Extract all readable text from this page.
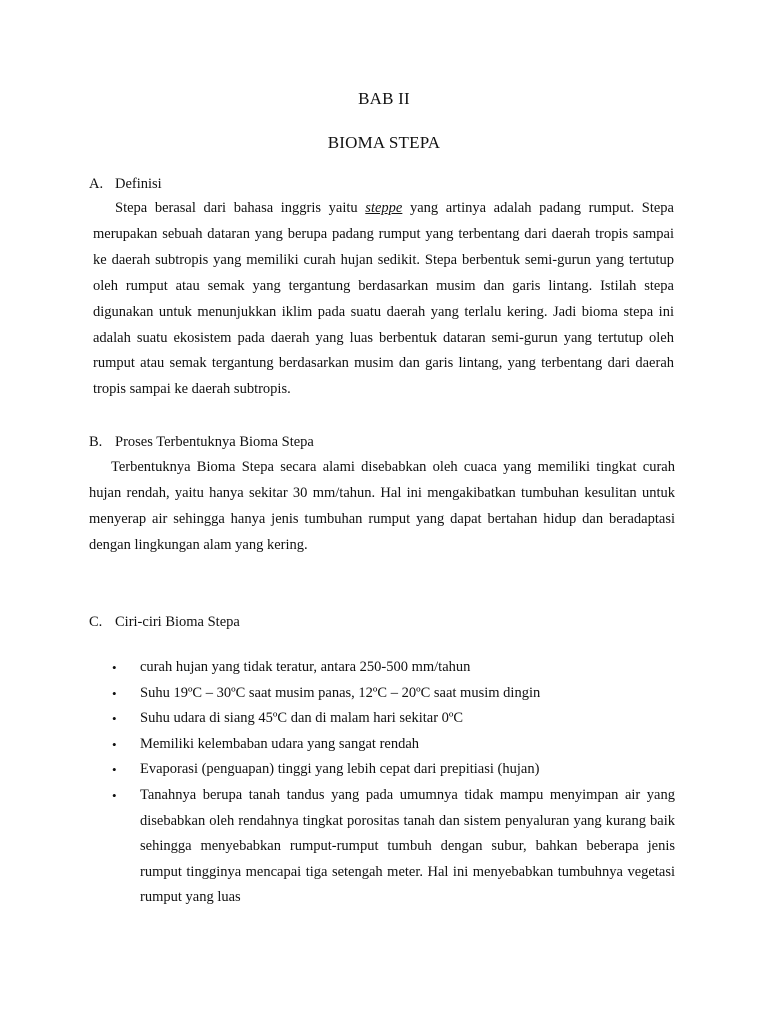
BAB II
BIOMA STEPA
A. Definisi

Stepa berasal dari bahasa inggris yaitu steppe yang artinya adalah padang rumput. Stepa merupakan sebuah dataran yang berupa padang rumput yang terbentang dari daerah tropis sampai ke daerah subtropis yang memiliki curah hujan sedikit. Stepa berbentuk semi-gurun yang tertutup oleh rumput atau semak yang tergantung berdasarkan musim dan garis lintang. Istilah stepa digunakan untuk menunjukkan iklim pada suatu daerah yang terlalu kering. Jadi bioma stepa ini adalah suatu ekosistem pada daerah yang luas berbentuk dataran semi-gurun yang tertutup oleh rumput atau semak tergantung berdasarkan musim dan garis lintang, yang terbentang dari daerah tropis sampai ke daerah subtropis.

B. Proses Terbentuknya Bioma Stepa

Terbentuknya Bioma Stepa secara alami disebabkan oleh cuaca yang memiliki tingkat curah hujan rendah, yaitu hanya sekitar 30 mm/tahun. Hal ini mengakibatkan tumbuhan kesulitan untuk menyerap air sehingga hanya jenis tumbuhan rumput yang dapat bertahan hidup dan beradaptasi dengan lingkungan alam yang kering.

C. Ciri-ciri Bioma Stepa
•	curah hujan yang tidak teratur, antara 250-500 mm/tahun
•	Suhu 19ºC – 30ºC saat musim panas, 12ºC – 20ºC saat musim dingin
•	Suhu udara di siang 45ºC dan di malam hari sekitar 0ºC
•	Memiliki kelembaban udara yang sangat rendah
•	Evaporasi (penguapan) tinggi yang lebih cepat dari prepitiasi (hujan)
•	Tanahnya berupa tanah tandus yang pada umumnya tidak mampu menyimpan air yang disebabkan oleh rendahnya tingkat porositas tanah dan sistem penyaluran yang kurang baik sehingga menyebabkan rumput-rumput tumbuh dengan subur, bahkan beberapa jenis rumput tingginya mencapai tiga setengah meter. Hal ini menyebabkan tumbuhnya vegetasi rumput yang luas
